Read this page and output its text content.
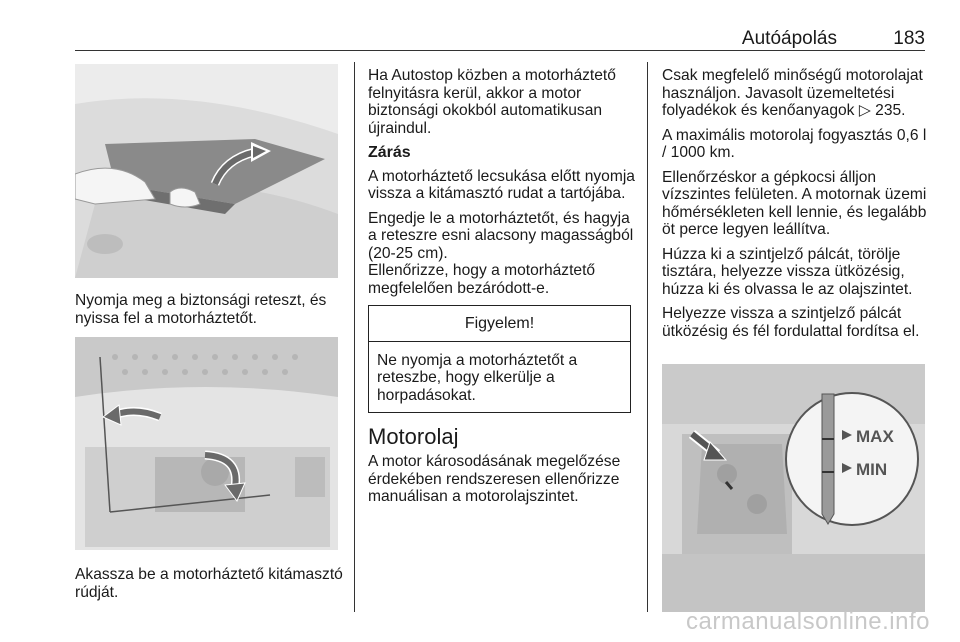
Autóápolás	183

Nyomja meg a biztonsági reteszt, és nyissa fel a motorháztetőt.

Akassza be a motorháztető kitámasztó rúdját.

Ha Autostop közben a motorháztető felnyitásra kerül, akkor a motor biztonsági okokból automatikusan újraindul.

Zárás

A motorháztető lecsukása előtt nyomja vissza a kitámasztó rudat a tartójába.

Engedje le a motorháztetőt, és hagyja a reteszre esni alacsony magasságból (20-25 cm).

Ellenőrizze, hogy a motorháztető megfelelően bezáródott-e.

Figyelem!
Ne nyomja a motorháztetőt a reteszbe, hogy elkerülje a horpadásokat.
Motorolaj

A motor károsodásának megelőzése érdekében rendszeresen ellenőrizze manuálisan a motorolajszintet.

Csak megfelelő minőségű motorolajat használjon. Javasolt üzemeltetési folyadékok és kenőanyagok ▷ 235.

A maximális motorolaj fogyasztás 0,6 l / 1000 km.

Ellenőrzéskor a gépkocsi álljon vízszintes felületen. A motornak üzemi hőmérsékleten kell lennie, és legalább öt perce legyen leállítva.

Húzza ki a szintjelző pálcát, törölje tisztára, helyezze vissza ütközésig, húzza ki és olvassa le az olajszintet.

Helyezze vissza a szintjelző pálcát ütközésig és fél fordulattal fordítsa el.

MAX
MIN
carmanualsonline.info
